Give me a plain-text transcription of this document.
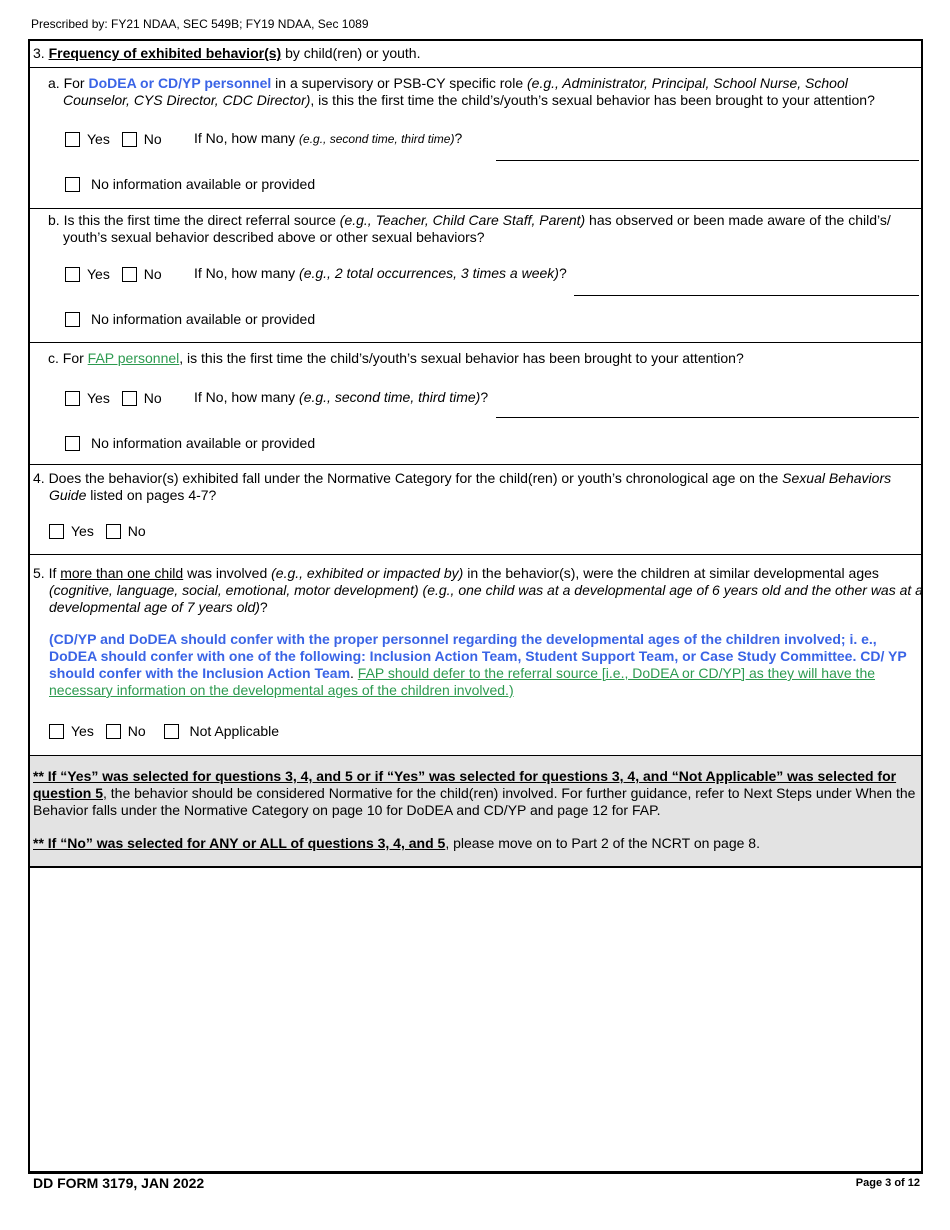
Prescribed by: FY21 NDAA, SEC 549B; FY19 NDAA, Sec 1089
3. Frequency of exhibited behavior(s) by child(ren) or youth.
a. For DoDEA or CD/YP personnel in a supervisory or PSB-CY specific role (e.g., Administrator, Principal, School Nurse, School Counselor, CYS Director, CDC Director), is this the first time the child’s/youth’s sexual behavior has been brought to your attention?
Yes No If No, how many (e.g., second time, third time)?
No information available or provided
b. Is this the first time the direct referral source (e.g., Teacher, Child Care Staff, Parent) has observed or been made aware of the child’s/ youth’s sexual behavior described above or other sexual behaviors?
Yes No If No, how many (e.g., 2 total occurrences, 3 times a week)?
No information available or provided
c. For FAP personnel, is this the first time the child’s/youth’s sexual behavior has been brought to your attention?
Yes No If No, how many (e.g., second time, third time)?
No information available or provided
4. Does the behavior(s) exhibited fall under the Normative Category for the child(ren) or youth’s chronological age on the Sexual Behaviors Guide listed on pages 4-7?
Yes No
5. If more than one child was involved (e.g., exhibited or impacted by) in the behavior(s), were the children at similar developmental ages (cognitive, language, social, emotional, motor development) (e.g., one child was at a developmental age of 6 years old and the other was at a developmental age of 7 years old)?
(CD/YP and DoDEA should confer with the proper personnel regarding the developmental ages of the children involved; i. e., DoDEA should confer with one of the following: Inclusion Action Team, Student Support Team, or Case Study Committee. CD/ YP should confer with the Inclusion Action Team. FAP should defer to the referral source [i.e., DoDEA or CD/YP] as they will have the necessary information on the developmental ages of the children involved.)
Yes No	Not Applicable
** If “Yes” was selected for questions 3, 4, and 5 or if “Yes” was selected for questions 3, 4, and “Not Applicable” was selected for question 5, the behavior should be considered Normative for the child(ren) involved. For further guidance, refer to Next Steps under When the Behavior falls under the Normative Category on page 10 for DoDEA and CD/YP and page 12 for FAP.
** If “No” was selected for ANY or ALL of questions 3, 4, and 5, please move on to Part 2 of the NCRT on page 8.
DD FORM 3179, JAN 2022	Page 3 of 12
